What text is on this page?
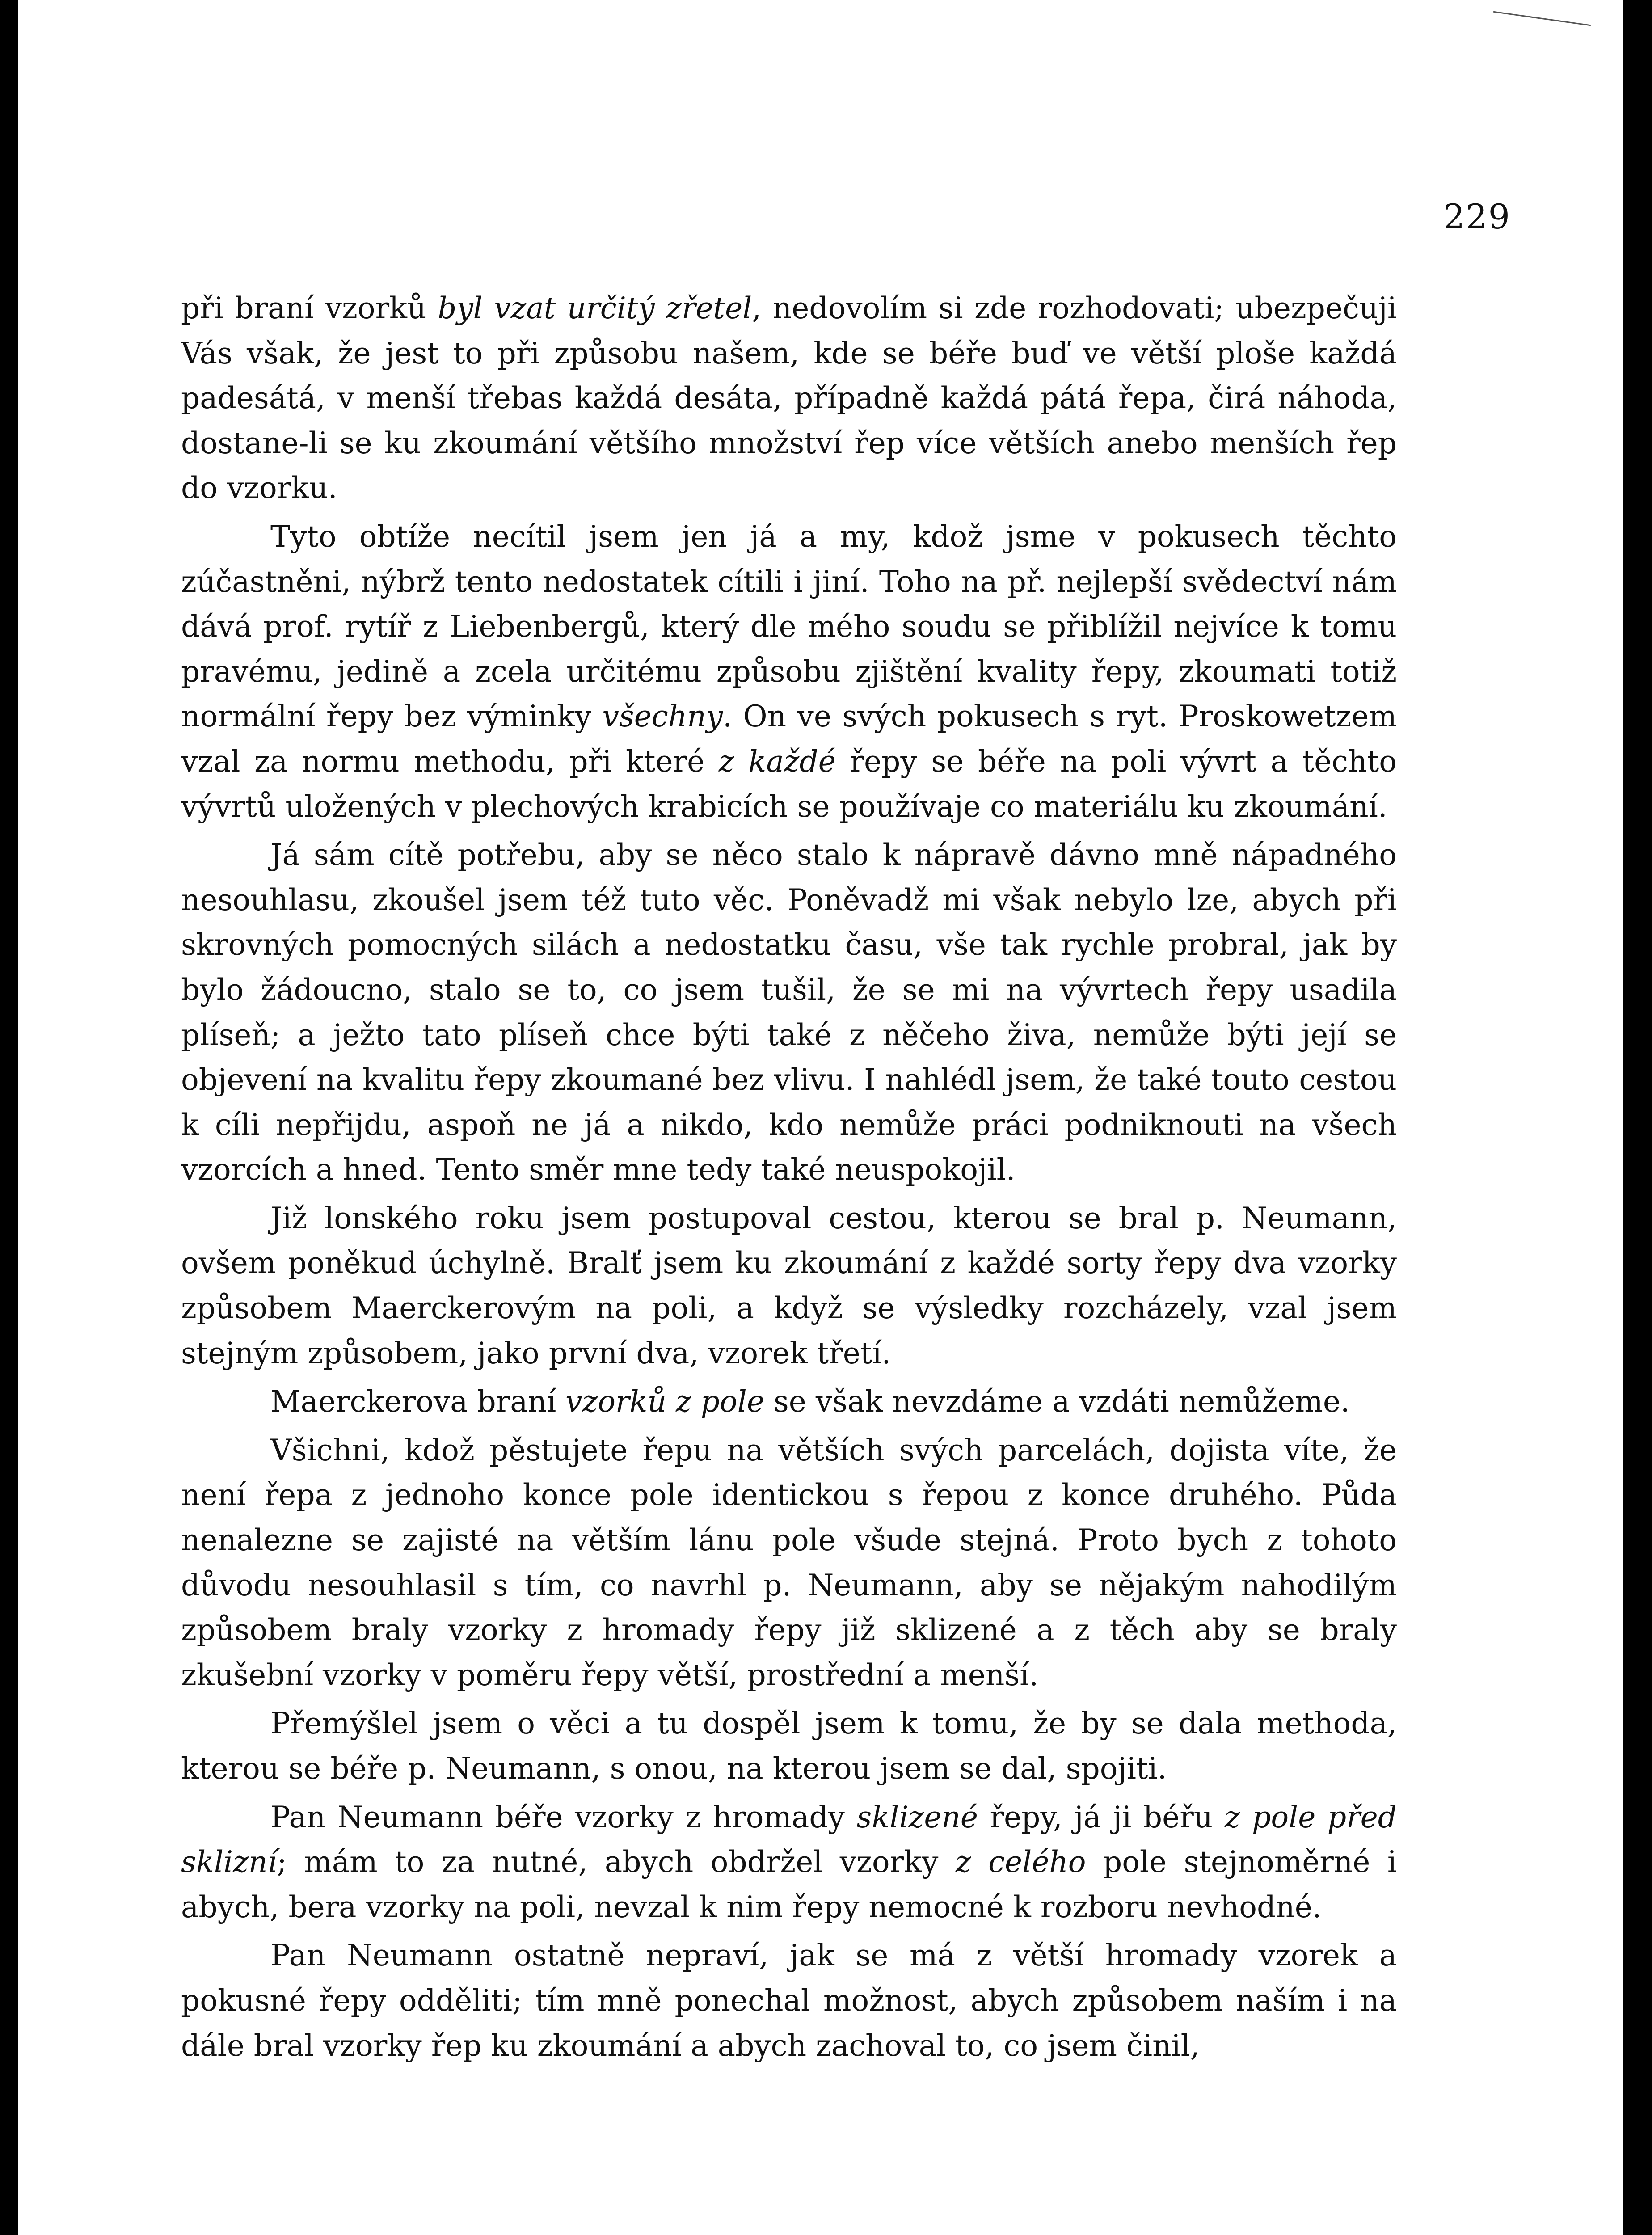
229

při braní vzorků byl vzat určitý zřetel, nedovolím si zde rozhodovati; ubezpečuji Vás však, že jest to při způsobu našem, kde se béře buď ve větší ploše každá padesátá, v menší třebas každá desáta, případně každá pátá řepa, čirá náhoda, dostane-li se ku zkoumání většího množství řep více větších anebo menších řep do vzorku.

Tyto obtíže necítil jsem jen já a my, kdož jsme v pokusech těchto zúčastněni, nýbrž tento nedostatek cítili i jiní. Toho na př. nejlepší svědectví nám dává prof. rytíř z Liebenbergů, který dle mého soudu se přiblížil nejvíce k tomu pravému, jedině a zcela určitému způsobu zjištění kvality řepy, zkoumati totiž normální řepy bez výminky všechny. On ve svých pokusech s ryt. Proskowetzem vzal za normu methodu, při které z každé řepy se béře na poli vývrt a těchto vývrtů uložených v plechových krabicích se používaje co materiálu ku zkoumání.

Já sám cítě potřebu, aby se něco stalo k nápravě dávno mně nápadného nesouhlasu, zkoušel jsem též tuto věc. Poněvadž mi však nebylo lze, abych při skrovných pomocných silách a nedostatku času, vše tak rychle probral, jak by bylo žádoucno, stalo se to, co jsem tušil, že se mi na vývrtech řepy usadila plíseň; a ježto tato plíseň chce býti také z něčeho živa, nemůže býti její se objevení na kvalitu řepy zkoumané bez vlivu. I nahlédl jsem, že také touto cestou k cíli nepřijdu, aspoň ne já a nikdo, kdo nemůže práci podniknouti na všech vzorcích a hned. Tento směr mne tedy také neuspokojil.

Již lonského roku jsem postupoval cestou, kterou se bral p. Neumann, ovšem poněkud úchylně. Bralť jsem ku zkoumání z každé sorty řepy dva vzorky způsobem Maerckerovým na poli, a když se výsledky rozcházely, vzal jsem stejným způsobem, jako první dva, vzorek třetí.

Maerckerova braní vzorků z pole se však nevzdáme a vzdáti nemůžeme.

Všichni, kdož pěstujete řepu na větších svých parcelách, dojista víte, že není řepa z jednoho konce pole identickou s řepou z konce druhého. Půda nenalezne se zajisté na větším lánu pole všude stejná. Proto bych z tohoto důvodu nesouhlasil s tím, co navrhl p. Neumann, aby se nějakým nahodilým způsobem braly vzorky z hromady řepy již sklizené a z těch aby se braly zkušební vzorky v poměru řepy větší, prostřední a menší.

Přemýšlel jsem o věci a tu dospěl jsem k tomu, že by se dala methoda, kterou se béře p. Neumann, s onou, na kterou jsem se dal, spojiti.

Pan Neumann béře vzorky z hromady sklizené řepy, já ji béřu z pole před sklizní; mám to za nutné, abych obdržel vzorky z celého pole stejnoměrné i abych, bera vzorky na poli, nevzal k nim řepy nemocné k rozboru nevhodné.

Pan Neumann ostatně nepraví, jak se má z větší hromady vzorek a pokusné řepy odděliti; tím mně ponechal možnost, abych způsobem naším i na dále bral vzorky řep ku zkoumání a abych zachoval to, co jsem činil,
